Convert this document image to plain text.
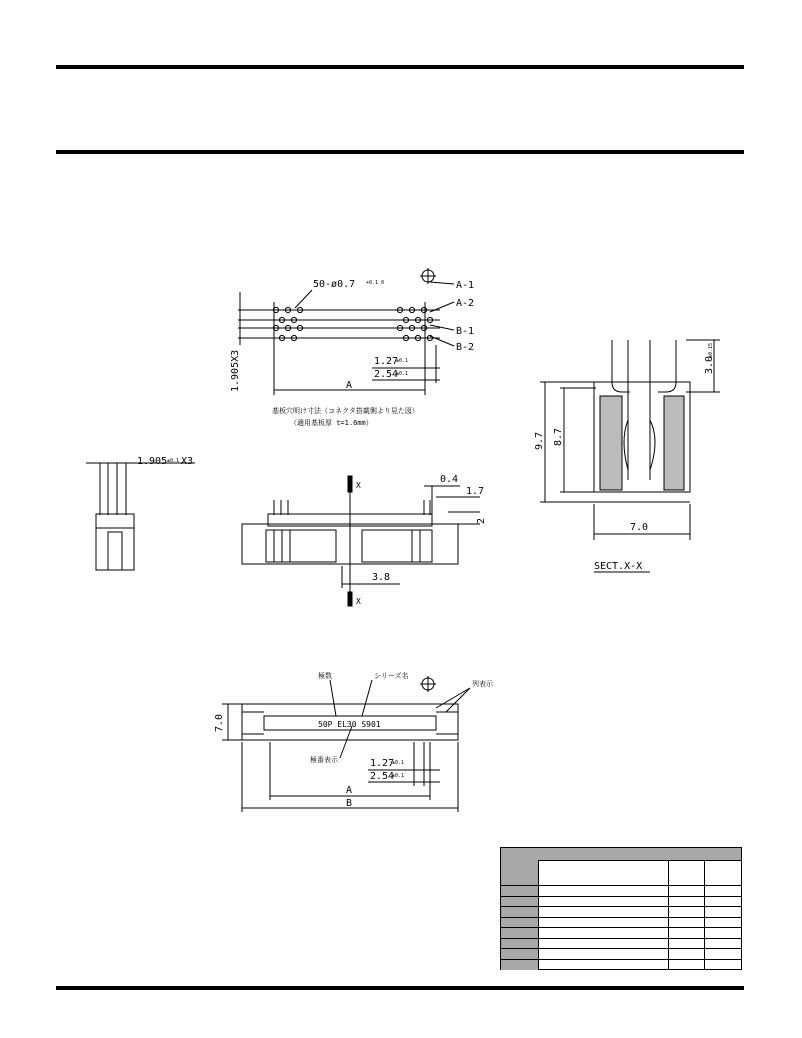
50-ø0.7 +0.1 0	A-1
A-2
B-1
B-2
1.27
±0.1
2.54
±0.1
A
1.905X3
基板穴明け寸法（コネクタ搭載側より見た図）
（適用基板厚 t=1.6mm）
1.905 ±0.1 X3
X
X
0.4
1.7
2
3.8
3.0
±0.15
9.7 8.7
7.0
SECT.X-X
極数	シリーズ名
列表示
極番表示
50P EL30 S901
7.0
1.27
±0.1
2.54
±0.1
A
B
